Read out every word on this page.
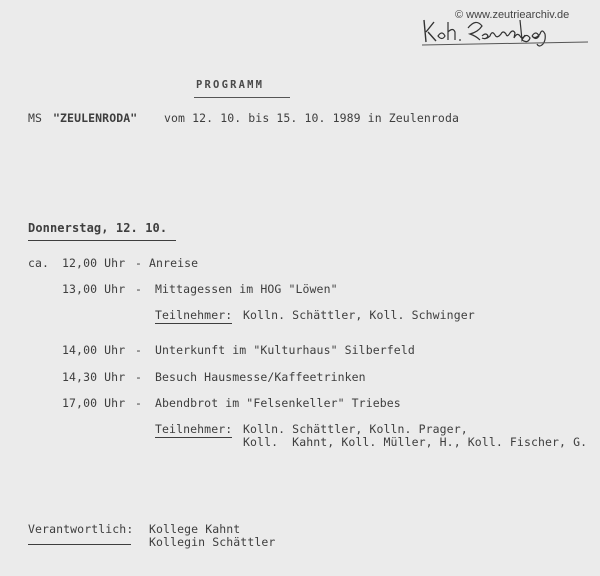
© www.zeutriearchiv.de
PROGRAMM
MS "ZEULENRODA" vom 12. 10. bis 15. 10. 1989 in Zeulenroda
Donnerstag, 12. 10.
ca. 12,00 Uhr - Anreise
13,00 Uhr - Mittagessen im HOG "Löwen"
Teilnehmer: Kolln. Schättler, Koll. Schwinger
14,00 Uhr - Unterkunft im "Kulturhaus" Silberfeld
14,30 Uhr - Besuch Hausmesse/Kaffeetrinken
17,00 Uhr - Abendbrot im "Felsenkeller" Triebes
Teilnehmer: Kolln. Schättler, Kolln. Prager,
Koll.  Kahnt, Koll. Müller, H., Koll. Fischer, G.
Verantwortlich: Kollege Kahnt
Kollegin Schättler
